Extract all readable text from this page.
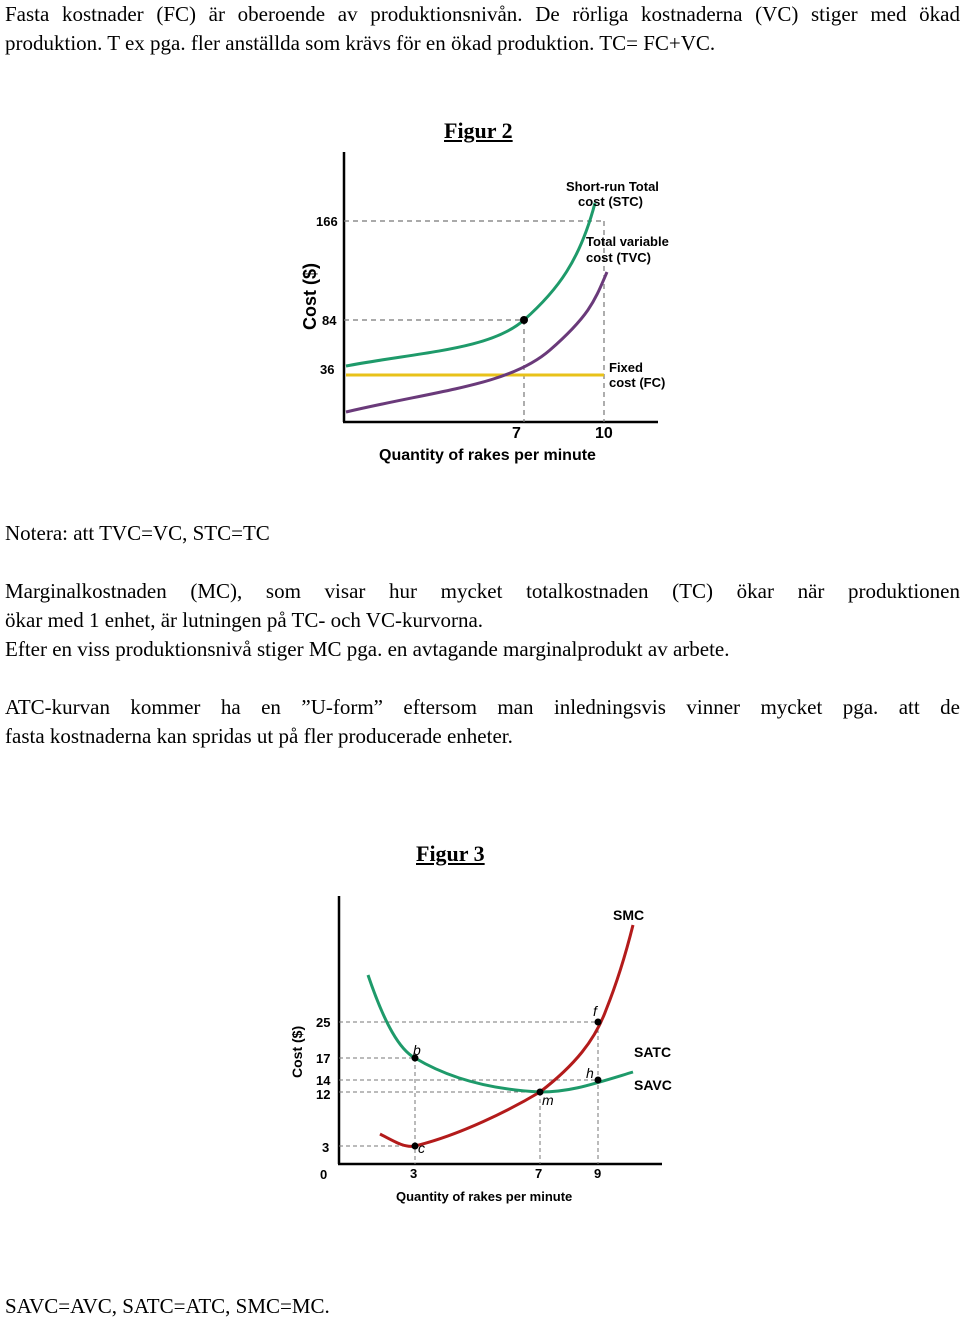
Fasta kostnader (FC) är oberoende av produktionsnivån. De rörliga kostnaderna (VC) stiger med ökad

produktion. T ex pga. fler anställda som krävs för en ökad produktion. TC= FC+VC.

Figur 2

166
84
36
7	10
Cost ($)
Quantity of rakes per minute
Short-run Total
cost (STC)
Total variable
cost (TVC)
Fixed
cost (FC)

Notera: att TVC=VC, STC=TC

Marginalkostnaden (MC), som visar hur mycket totalkostnaden (TC) ökar när produktionen

ökar med 1 enhet, är lutningen på TC- och VC-kurvorna.

Efter en viss produktionsnivå stiger MC pga. en avtagande marginalprodukt av arbete.

ATC-kurvan kommer ha en ”U-form” eftersom man inledningsvis vinner mycket pga. att de

fasta kostnaderna kan spridas ut på fler producerade enheter.

Figur 3

b
c
m
h
f
25
17
14
12
3
0	3	7	9
Cost ($)
Quantity of rakes per minute
SMC
SATC
SAVC

SAVC=AVC, SATC=ATC, SMC=MC.
